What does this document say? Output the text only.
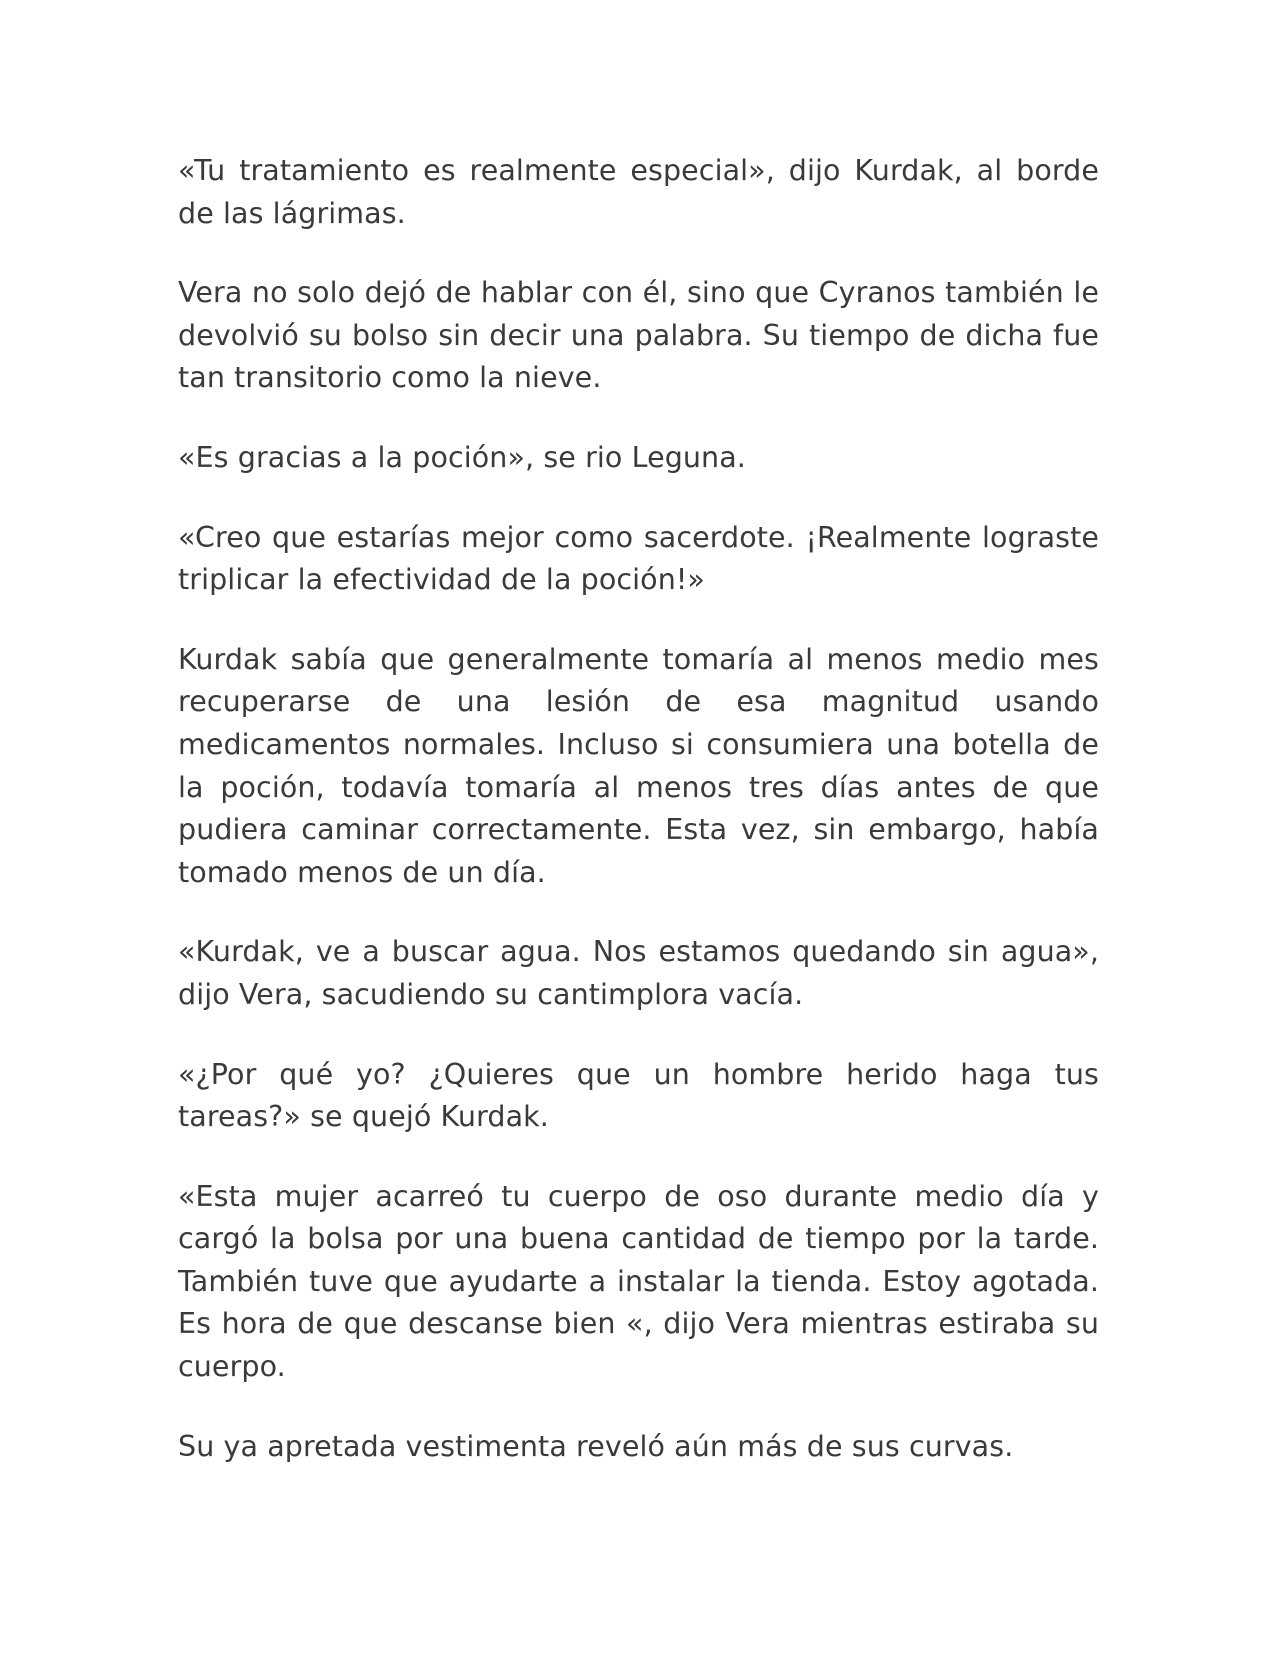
«Tu tratamiento es realmente especial», dijo Kurdak, al borde de las lágrimas.

Vera no solo dejó de hablar con él, sino que Cyranos también le devolvió su bolso sin decir una palabra. Su tiempo de dicha fue tan transitorio como la nieve.

«Es gracias a la poción», se rio Leguna.

«Creo que estarías mejor como sacerdote. ¡Realmente lograste triplicar la efectividad de la poción!»

Kurdak sabía que generalmente tomaría al menos medio mes recuperarse de una lesión de esa magnitud usando medicamentos normales. Incluso si consumiera una botella de la poción, todavía tomaría al menos tres días antes de que pudiera caminar correctamente. Esta vez, sin embargo, había tomado menos de un día.

«Kurdak, ve a buscar agua. Nos estamos quedando sin agua», dijo Vera, sacudiendo su cantimplora vacía.

«¿Por qué yo? ¿Quieres que un hombre herido haga tus tareas?» se quejó Kurdak.

«Esta mujer acarreó tu cuerpo de oso durante medio día y cargó la bolsa por una buena cantidad de tiempo por la tarde. También tuve que ayudarte a instalar la tienda. Estoy agotada. Es hora de que descanse bien «, dijo Vera mientras estiraba su cuerpo.

Su ya apretada vestimenta reveló aún más de sus curvas.
